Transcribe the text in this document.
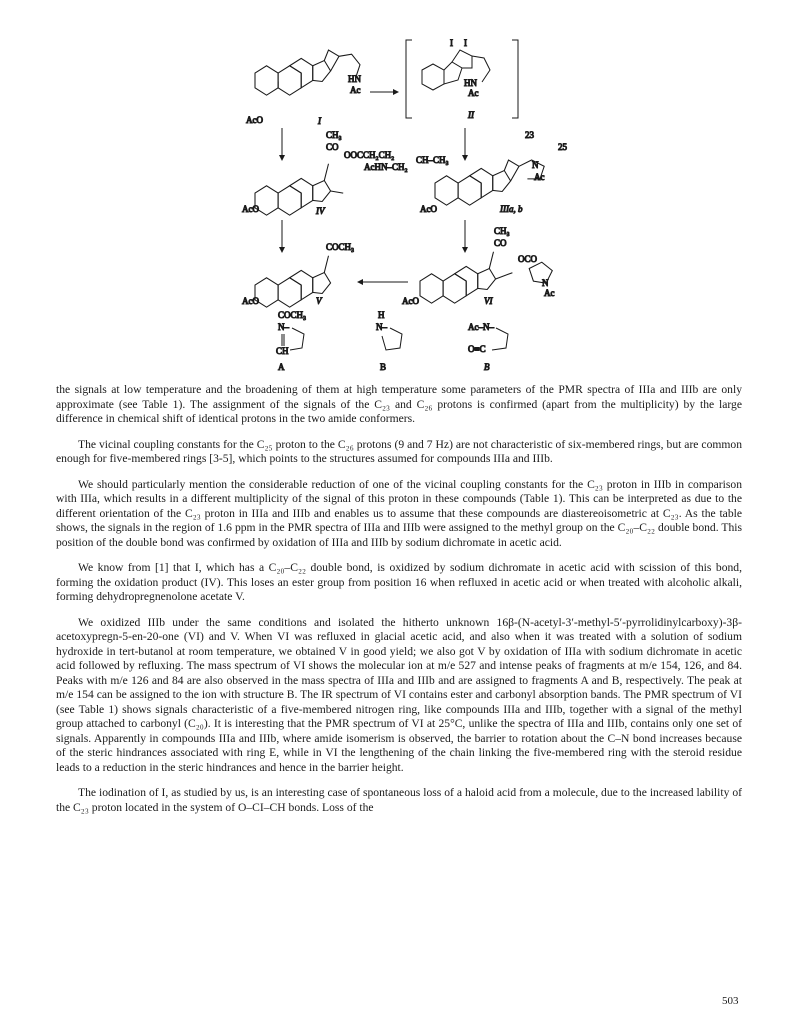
AcO
HN
Ac
I
I I
HN
Ac
II
CH₃
CO
OOCCH₂CH₂ CH–CH₃
AcHN–CH₂
AcO	IV
23
25
N
Ac
AcO	IIIa, b
COCH₃
AcO	V
CH₃
CO
OCO
N
Ac
AcO	VI
COCH₃
N–
CH
A
H
N–
B
Ac–N–
O≡C
B

the signals at low temperature and the broadening of them at high temperature some parameters of the PMR spectra of IIIa and IIIb are only approximate (see Table 1). The assignment of the signals of the C₂₃ and C₂₆ protons is confirmed (apart from the multiplicity) by the large difference in chemical shift of identical protons in the two amide conformers.

The vicinal coupling constants for the C₂₅ proton to the C₂₆ protons (9 and 7 Hz) are not characteristic of six-membered rings, but are common enough for five-membered rings [3-5], which points to the structures assumed for compounds IIIa and IIIb.

We should particularly mention the considerable reduction of one of the vicinal coupling constants for the C₂₃ proton in IIIb in comparison with IIIa, which results in a different multiplicity of the signal of this proton in these compounds (Table 1). This can be interpreted as due to the different orientation of the C₂₃ proton in IIIa and IIIb and enables us to assume that these compounds are diastereoisometric at C₂₃. As the table shows, the signals in the region of 1.6 ppm in the PMR spectra of IIIa and IIIb were assigned to the methyl group on the C₂₀–C₂₂ double bond. This position of the double bond was confirmed by oxidation of IIIa and IIIb by sodium dichromate in acetic acid.

We know from [1] that I, which has a C₂₀–C₂₂ double bond, is oxidized by sodium dichromate in acetic acid with scission of this bond, forming the oxidation product (IV). This loses an ester group from position 16 when refluxed in acetic acid or when treated with alcoholic alkali, forming dehydropregnenolone acetate V.

We oxidized IIIb under the same conditions and isolated the hitherto unknown 16β-(N-acetyl-3′-methyl-5′-pyrrolidinylcarboxy)-3β-acetoxypregn-5-en-20-one (VI) and V. When VI was refluxed in glacial acetic acid, and also when it was treated with a solution of sodium hydroxide in tert-butanol at room temperature, we obtained V in good yield; we also got V by oxidation of IIIa with sodium dichromate in acetic acid followed by refluxing. The mass spectrum of VI shows the molecular ion at m/e 527 and intense peaks of fragments at m/e 154, 126, and 84. Peaks with m/e 126 and 84 are also observed in the mass spectra of IIIa and IIIb and are assigned to fragments A and B, respectively. The peak at m/e 154 can be assigned to the ion with structure B. The IR spectrum of VI contains ester and carbonyl absorption bands. The PMR spectrum of VI (see Table 1) shows signals characteristic of a five-membered nitrogen ring, like compounds IIIa and IIIb, together with a signal of the methyl group attached to carbonyl (C₂₀). It is interesting that the PMR spectrum of VI at 25°C, unlike the spectra of IIIa and IIIb, contains only one set of signals. Apparently in compounds IIIa and IIIb, where amide isomerism is observed, the barrier to rotation about the C–N bond increases because of the steric hindrances associated with ring E, while in VI the lengthening of the chain linking the five-membered ring with the steroid residue leads to a reduction in the steric hindrances and hence in the barrier height.

The iodination of I, as studied by us, is an interesting case of spontaneous loss of a haloid acid from a molecule, due to the increased lability of the C₂₃ proton located in the system of O–CI–CH bonds. Loss of the

503
